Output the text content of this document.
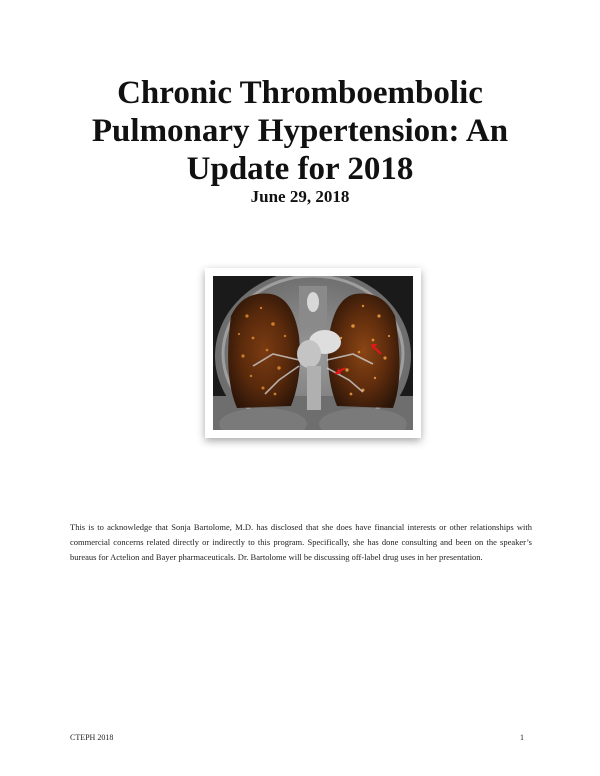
Chronic Thromboembolic Pulmonary Hypertension: An Update for 2018
June 29, 2018

This is to acknowledge that Sonja Bartolome, M.D. has disclosed that she does have financial interests or other relationships with commercial concerns related directly or indirectly to this program. Specifically, she has done consulting and been on the speaker’s bureaus for Actelion and Bayer pharmaceuticals. Dr. Bartolome will be discussing off-label drug uses in her presentation.

CTEPH 2018	1
